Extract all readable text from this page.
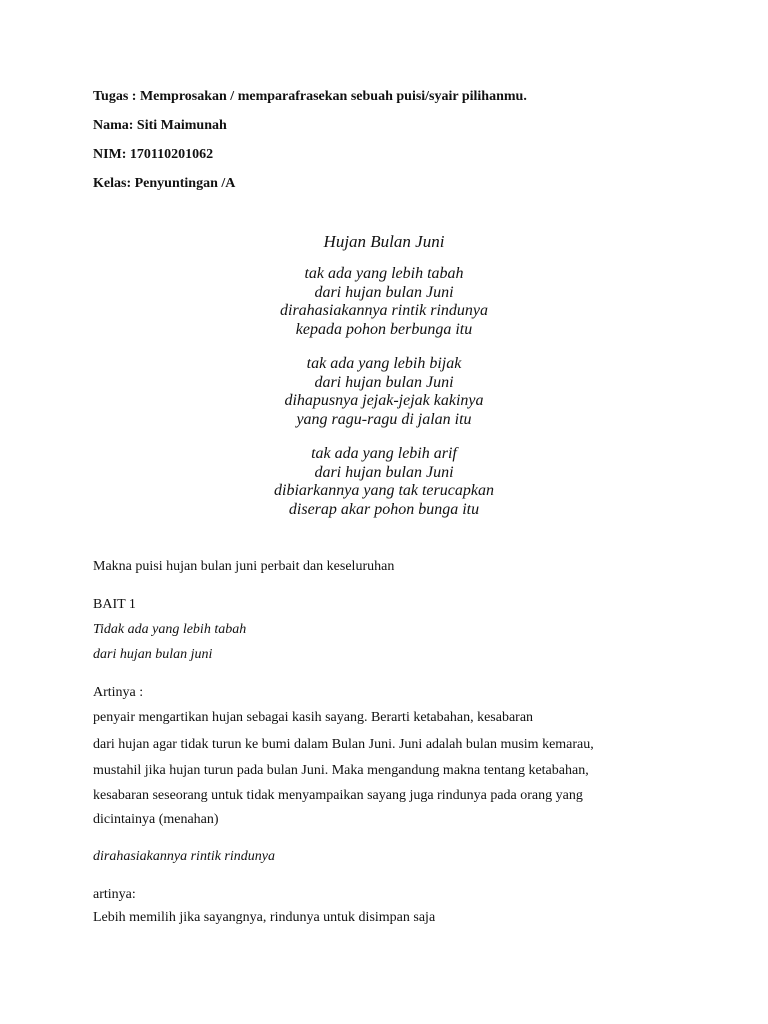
Tugas : Memprosakan / memparafrasekan sebuah puisi/syair pilihanmu.
Nama: Siti Maimunah
NIM: 170110201062
Kelas: Penyuntingan /A
Hujan Bulan Juni
tak ada yang lebih tabah
dari hujan bulan Juni
dirahasiakannya rintik rindunya
kepada pohon berbunga itu
tak ada yang lebih bijak
dari hujan bulan Juni
dihapusnya jejak-jejak kakinya
yang ragu-ragu di jalan itu
tak ada yang lebih arif
dari hujan bulan Juni
dibiarkannya yang tak terucapkan
diserap akar pohon bunga itu
Makna puisi hujan bulan juni perbait dan keseluruhan
BAIT 1
Tidak ada yang lebih tabah
dari hujan bulan juni
Artinya :
penyair mengartikan hujan sebagai kasih sayang. Berarti ketabahan, kesabaran
dari hujan agar tidak turun ke bumi dalam Bulan Juni. Juni adalah bulan musim kemarau,
mustahil jika hujan turun pada bulan Juni. Maka mengandung makna tentang ketabahan,
kesabaran seseorang untuk tidak menyampaikan sayang juga rindunya pada orang yang
dicintainya (menahan)
dirahasiakannya rintik rindunya
artinya:
Lebih memilih jika sayangnya, rindunya untuk disimpan saja
